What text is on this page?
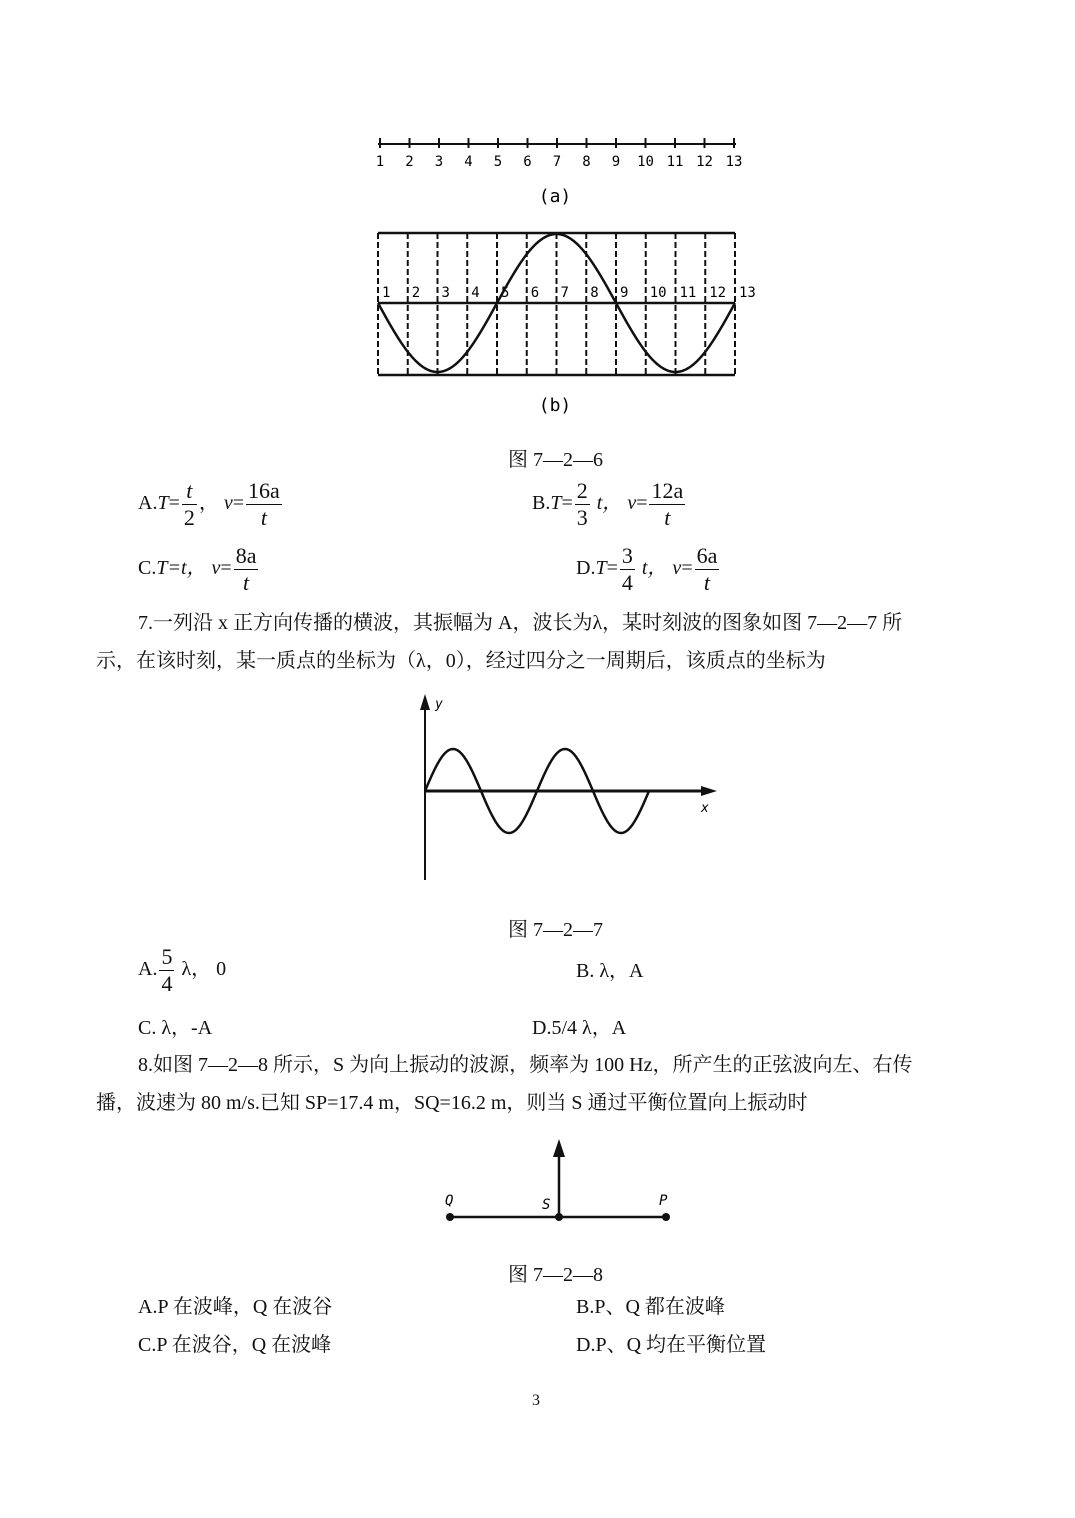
1 2 3 4 5 6 7 8 9 10 11 12 13
(a)
1 2 3 4 5 6 7 8 9 10 11 12 13
(b)
图 7—2—6
$A.T= \frac{t}{2}$ ， $v= \frac{16a}{t}$	$B.T= \frac{2}{3}$ t， $v= \frac{12a}{t}$
C.T=t， $v= \frac{8a}{t}$	$D.T= \frac{3}{4}$ t， $v= \frac{6a}{t}$
7.一列沿 x 正方向传播的横波，其振幅为 A，波长为λ，某时刻波的图象如图 7—2—7 所
示，在该时刻，某一质点的坐标为（λ，0），经过四分之一周期后，该质点的坐标为
y
x
图 7—2—7
A. $\frac{5}{4}$ λ， 0	B. λ，A
C. λ，-A	D.5/4 λ，A
8.如图 7—2—8 所示，S 为向上振动的波源，频率为 100 Hz，所产生的正弦波向左、右传
播，波速为 80 m/s.已知 SP=17.4 m，SQ=16.2 m，则当 S 通过平衡位置向上振动时
Q	S	P
图 7—2—8
A.P 在波峰，Q 在波谷	B.P、Q 都在波峰
C.P 在波谷，Q 在波峰	D.P、Q 均在平衡位置
3
